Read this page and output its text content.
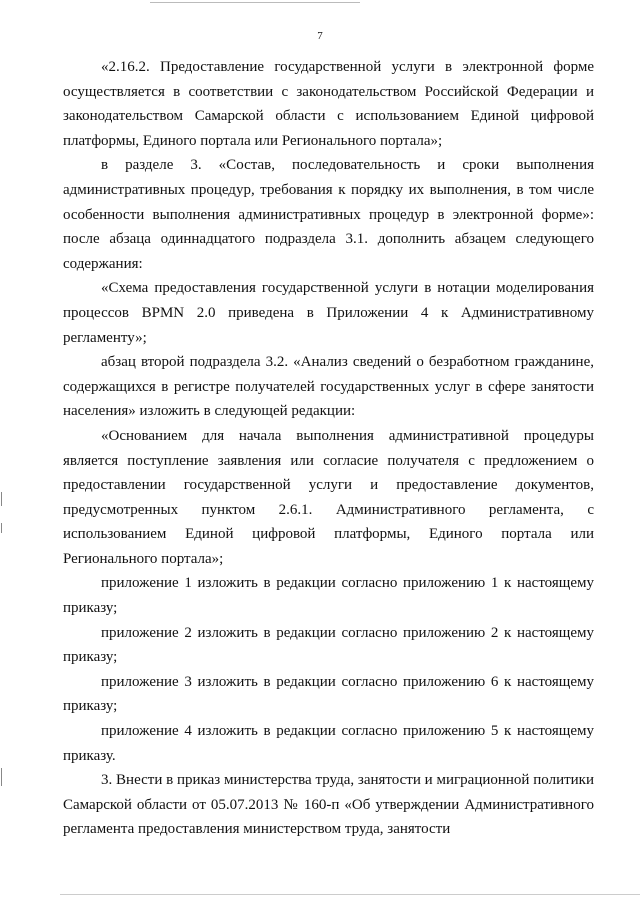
7

«2.16.2. Предоставление государственной услуги в электронной форме осуществляется в соответствии с законодательством Российской Федерации и законодательством Самарской области с использованием Единой цифровой платформы, Единого портала или Регионального портала»;

в разделе 3. «Состав, последовательность и сроки выполнения административных процедур, требования к порядку их выполнения, в том числе особенности выполнения административных процедур в электронной форме»: после абзаца одиннадцатого подраздела 3.1. дополнить абзацем следующего содержания:

«Схема предоставления государственной услуги в нотации моделирования процессов BPMN 2.0 приведена в Приложении 4 к Административному регламенту»;

абзац второй подраздела 3.2. «Анализ сведений о безработном гражданине, содержащихся в регистре получателей государственных услуг в сфере занятости населения» изложить в следующей редакции:

«Основанием для начала выполнения административной процедуры является поступление заявления или согласие получателя с предложением о предоставлении государственной услуги и предоставление документов, предусмотренных пунктом 2.6.1. Административного регламента, с использованием Единой цифровой платформы, Единого портала или Регионального портала»;

приложение 1 изложить в редакции согласно приложению 1 к настоящему приказу;

приложение 2 изложить в редакции согласно приложению 2 к настоящему приказу;

приложение 3 изложить в редакции согласно приложению 6 к настоящему приказу;

приложение 4 изложить в редакции согласно приложению 5 к настоящему приказу.

3. Внести в приказ министерства труда, занятости и миграционной политики Самарской области от 05.07.2013 № 160-п «Об утверждении Административного регламента предоставления министерством труда, занятости
